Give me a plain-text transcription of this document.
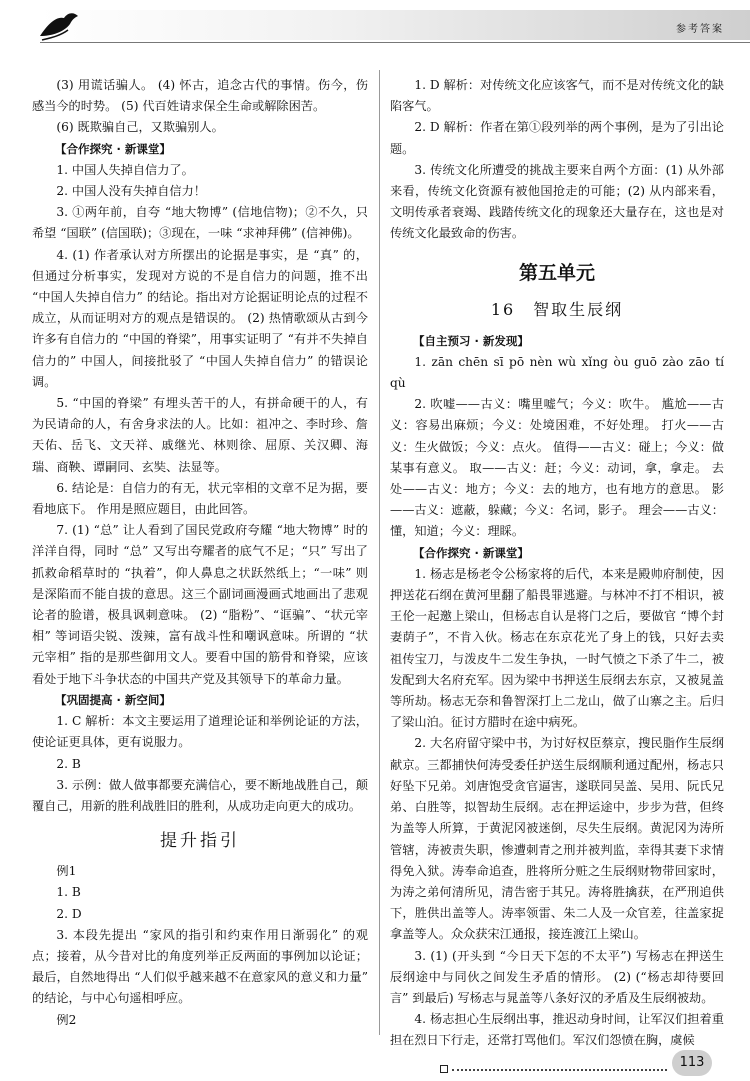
参考答案

(3) 用谎话骗人。 (4) 怀古，追念古代的事情。伤今，伤感当今的时势。 (5) 代百姓请求保全生命或解除困苦。

(6) 既欺骗自己，又欺骗别人。

【合作探究 · 新课堂】

1. 中国人失掉自信力了。

2. 中国人没有失掉自信力！

3. ①两年前，自夸 “地大物博” (信地信物)；②不久，只希望 “国联” (信国联)；③现在，一味 “求神拜佛” (信神佛)。

4. (1) 作者承认对方所摆出的论据是事实，是 “真” 的，但通过分析事实，发现对方说的不是自信力的问题，推不出 “中国人失掉自信力” 的结论。指出对方论据证明论点的过程不成立，从而证明对方的观点是错误的。 (2) 热情歌颂从古到今许多有自信力的 “中国的脊梁”，用事实证明了 “有并不失掉自信力的” 中国人，间接批驳了 “中国人失掉自信力” 的错误论调。

5. “中国的脊梁” 有埋头苦干的人，有拼命硬干的人，有为民请命的人，有舍身求法的人。比如：祖冲之、李时珍、詹天佑、岳飞、文天祥、戚继光、林则徐、屈原、关汉卿、海瑞、商鞅、谭嗣同、玄奘、法显等。

6. 结论是：自信力的有无，状元宰相的文章不足为据，要看地底下。 作用是照应题目，由此回答。

7. (1) “总” 让人看到了国民党政府夸耀 “地大物博” 时的洋洋自得，同时 “总” 又写出夸耀者的底气不足；“只” 写出了抓救命稻草时的 “执着”，仰人鼻息之状跃然纸上；“一味” 则是深陷而不能自拔的意思。这三个副词画漫画式地画出了悲观论者的脸谱，极具讽刺意味。 (2) “脂粉”、“诓骗”、“状元宰相” 等词语尖锐、泼辣，富有战斗性和嘲讽意味。所谓的 “状元宰相” 指的是那些御用文人。要看中国的筋骨和脊梁，应该看处于地下斗争状态的中国共产党及其领导下的革命力量。

【巩固提高 · 新空间】

1. C 解析：本文主要运用了道理论证和举例论证的方法，使论证更具体，更有说服力。

2. B

3. 示例：做人做事都要充满信心，要不断地战胜自己，颠覆自己，用新的胜利战胜旧的胜利，从成功走向更大的成功。

提升指引

例1

1. B

2. D

3. 本段先提出 “家风的指引和约束作用日渐弱化” 的观点；接着，从今昔对比的角度列举正反两面的事例加以论证；最后，自然地得出 “人们似乎越来越不在意家风的意义和力量” 的结论，与中心句遥相呼应。

例2

1. D 解析：对传统文化应该客气，而不是对传统文化的缺陷客气。

2. D 解析：作者在第①段列举的两个事例，是为了引出论题。

3. 传统文化所遭受的挑战主要来自两个方面：(1) 从外部来看，传统文化资源有被他国抢走的可能；(2) 从内部来看，文明传承者衰竭、践踏传统文化的现象还大量存在，这也是对传统文化最致命的伤害。

第五单元

16　智取生辰纲

【自主预习 · 新发现】

1. zān chēn sī pō nèn wù xǐng òu guō zào zāo tí qù

2. 吹嘘——古义：嘴里嘘气；今义：吹牛。 尴尬——古义：容易出麻烦；今义：处境困难，不好处理。 打火——古义：生火做饭；今义：点火。 值得——古义：碰上；今义：做某事有意义。 取——古义：赶；今义：动词，拿，拿走。 去处——古义：地方；今义：去的地方，也有地方的意思。 影——古义：遮蔽，躲藏；今义：名词，影子。 理会——古义：懂，知道；今义：理睬。

【合作探究 · 新课堂】

1. 杨志是杨老令公杨家将的后代，本来是殿帅府制使，因押送花石纲在黄河里翻了船畏罪逃避。与林冲不打不相识，被王伦一起邀上梁山，但杨志自认是将门之后，要做官 “博个封妻荫子”，不肯入伙。杨志在东京花光了身上的钱，只好去卖祖传宝刀，与泼皮牛二发生争执，一时气愤之下杀了牛二，被发配到大名府充军。因为梁中书押送生辰纲去东京，又被晁盖等所劫。杨志无奈和鲁智深打上二龙山，做了山寨之主。后归了梁山泊。征讨方腊时在途中病死。

2. 大名府留守梁中书，为讨好权臣蔡京，搜民脂作生辰纲献京。三都捕快何涛受委任护送生辰纲顺利通过配州，杨志只好坠下兄弟。刘唐饱受贪官逼害，遂联同吴盖、吴用、阮氏兄弟、白胜等，拟智劫生辰纲。志在押运途中，步步为营，但终为盖等人所算，于黄泥冈被迷倒，尽失生辰纲。黄泥冈为涛所管辖，涛被责失职，惨遭刺青之刑并被判监，幸得其妻下求情得免入狱。涛奉命追查，胜将所分赃之生辰纲财物带回家时，为涛之弟何清所见，清告密于其兄。涛将胜擒获，在严刑追供下，胜供出盖等人。涛率领雷、朱二人及一众官差，往盖家捉拿盖等人。众众获宋江通报，接连渡江上梁山。

3. (1) (开头到 “今日天下怎的不太平”) 写杨志在押送生辰纲途中与同伙之间发生矛盾的情形。 (2) (“杨志却待要回言” 到最后) 写杨志与晁盖等八条好汉的矛盾及生辰纲被劫。

4. 杨志担心生辰纲出事，推迟动身时间，让军汉们担着重担在烈日下行走，还常打骂他们。军汉们怨愤在胸，虞候

113
